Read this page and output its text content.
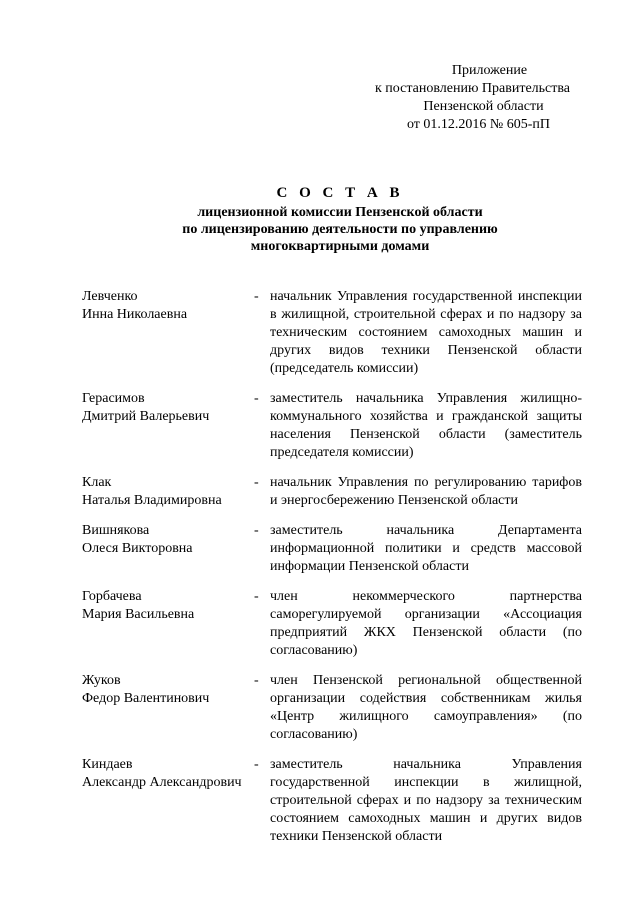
Приложение
к постановлению Правительства
Пензенской области
от 01.12.2016 № 605-пП
С О С Т А В
лицензионной комиссии Пензенской области
по лицензированию деятельности по управлению
многоквартирными домами
Левченко
Инна Николаевна
- начальник Управления государственной инспекции в жилищной, строительной сферах и по надзору за техническим состоянием самоходных машин и других видов техники Пензенской области (председатель комиссии)
Герасимов
Дмитрий Валерьевич
- заместитель начальника Управления жилищно-коммунального хозяйства и гражданской защиты населения Пензенской области (заместитель председателя комиссии)
Клак
Наталья Владимировна
- начальник Управления по регулированию тарифов и энергосбережению Пензенской области
Вишнякова
Олеся Викторовна
- заместитель начальника Департамента информационной политики и средств массовой информации Пензенской области
Горбачева
Мария Васильевна
- член некоммерческого партнерства саморегулируемой организации «Ассоциация предприятий ЖКХ Пензенской области (по согласованию)
Жуков
Федор Валентинович
- член Пензенской региональной общественной организации содействия собственникам жилья «Центр жилищного самоуправления» (по согласованию)
Киндаев
Александр Александрович
- заместитель начальника Управления государственной инспекции в жилищной, строительной сферах и по надзору за техническим состоянием самоходных машин и других видов техники Пензенской области
